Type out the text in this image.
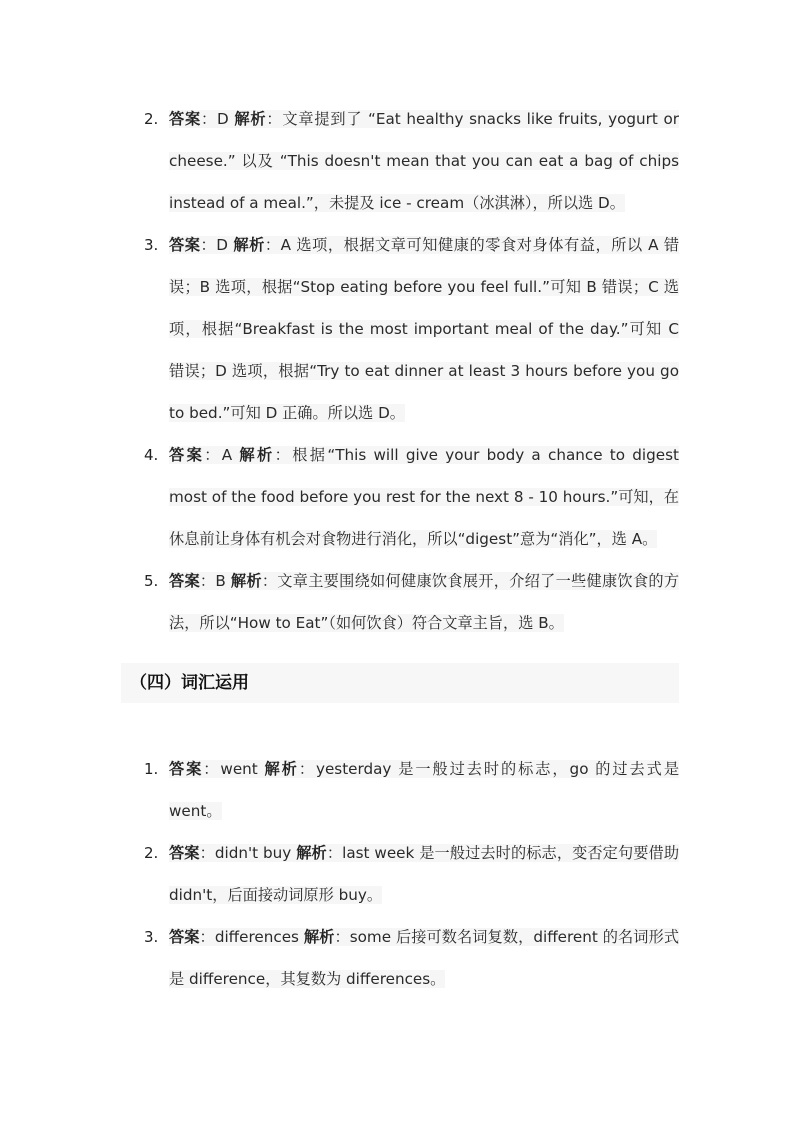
2. 答案：D 解析：文章提到了 “Eat healthy snacks like fruits, yogurt or cheese.” 以及 “This doesn't mean that you can eat a bag of chips instead of a meal.”，未提及 ice - cream（冰淇淋），所以选 D。
3. 答案：D 解析：A 选项，根据文章可知健康的零食对身体有益，所以 A 错误；B 选项，根据“Stop eating before you feel full.”可知 B 错误；C 选项，根据“Breakfast is the most important meal of the day.”可知 C 错误；D 选项，根据“Try to eat dinner at least 3 hours before you go to bed.”可知 D 正确。所以选 D。
4. 答案：A 解析：根据“This will give your body a chance to digest most of the food before you rest for the next 8 - 10 hours.”可知，在休息前让身体有机会对食物进行消化，所以“digest”意为“消化”，选 A。
5. 答案：B 解析：文章主要围绕如何健康饮食展开，介绍了一些健康饮食的方法，所以“How to Eat”（如何饮食）符合文章主旨，选 B。
（四）词汇运用
1. 答案：went 解析：yesterday 是一般过去时的标志，go 的过去式是 went。
2. 答案：didn't buy 解析：last week 是一般过去时的标志，变否定句要借助 didn't，后面接动词原形 buy。
3. 答案：differences 解析：some 后接可数名词复数，different 的名词形式是 difference，其复数为 differences。
